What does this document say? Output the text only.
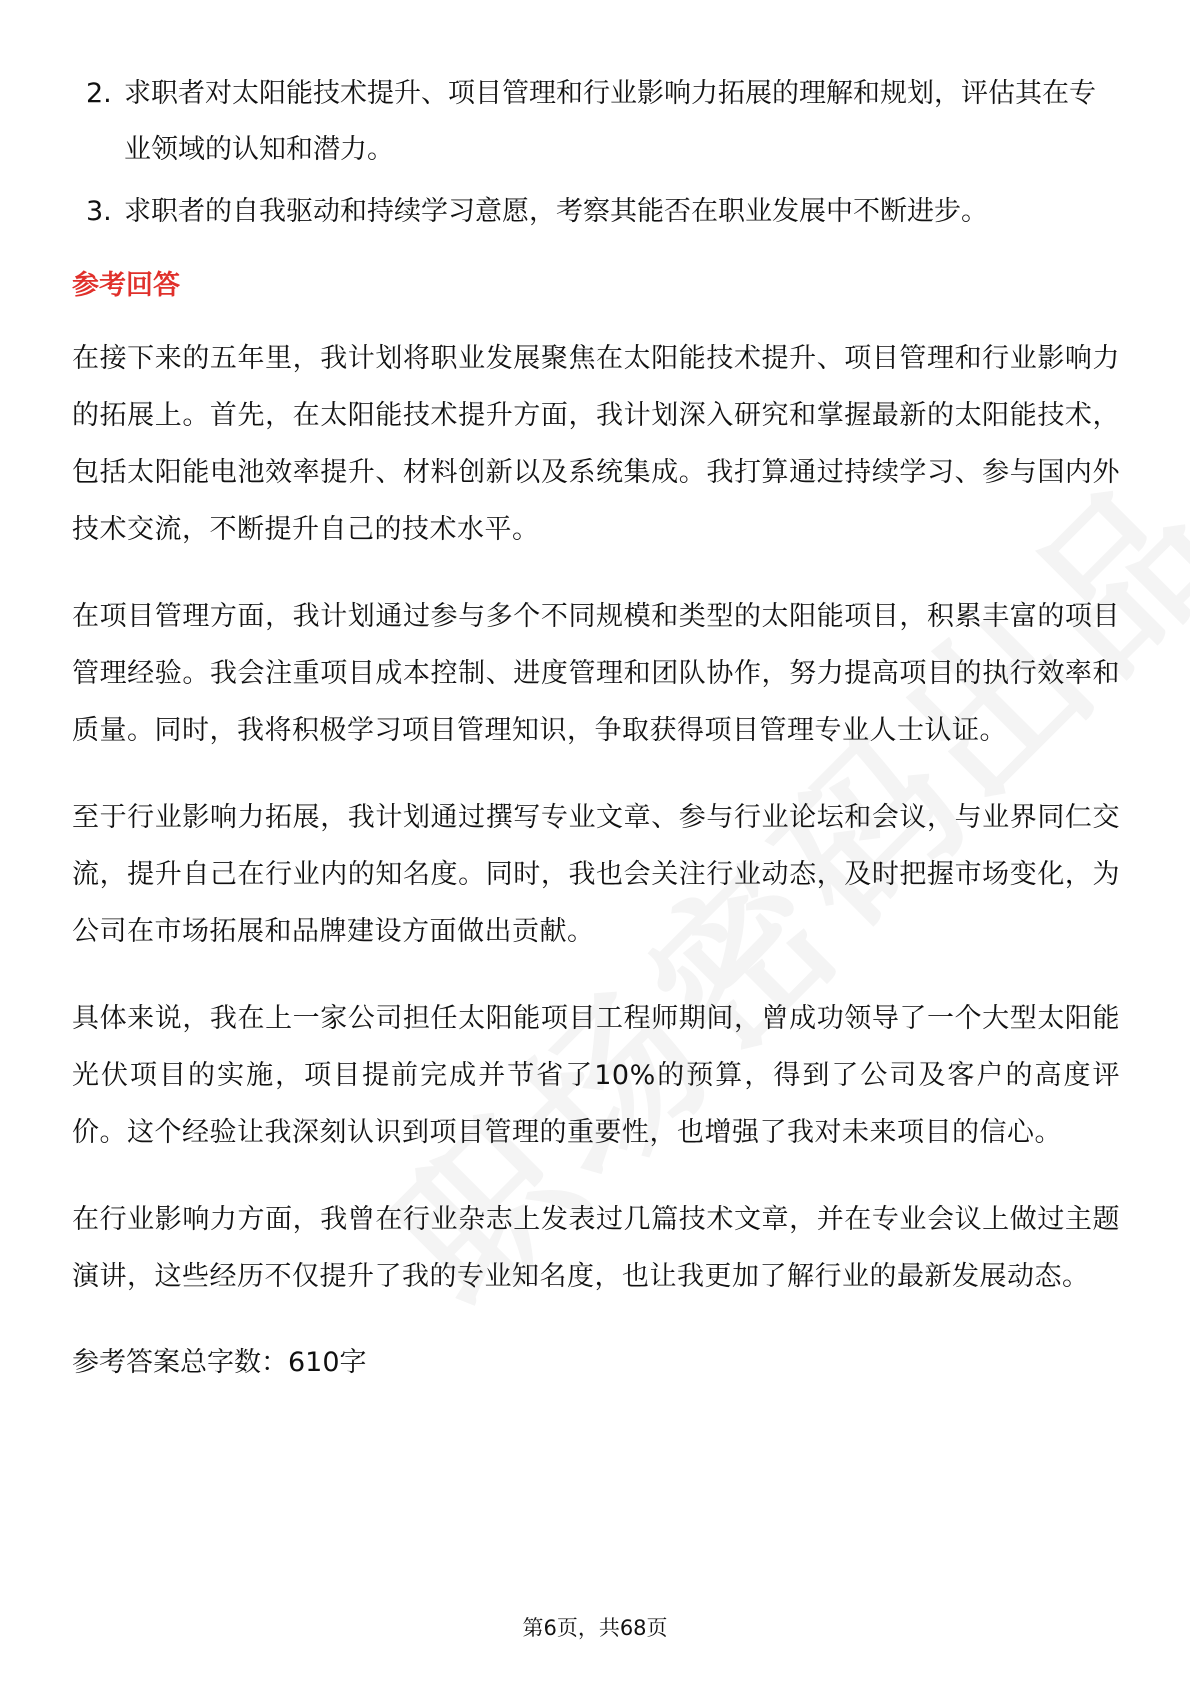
2. 求职者对太阳能技术提升、项目管理和行业影响力拓展的理解和规划，评估其在专业领域的认知和潜力。
3. 求职者的自我驱动和持续学习意愿，考察其能否在职业发展中不断进步。
参考回答

在接下来的五年里，我计划将职业发展聚焦在太阳能技术提升、项目管理和行业影响力的拓展上。首先，在太阳能技术提升方面，我计划深入研究和掌握最新的太阳能技术，包括太阳能电池效率提升、材料创新以及系统集成。我打算通过持续学习、参与国内外技术交流，不断提升自己的技术水平。

在项目管理方面，我计划通过参与多个不同规模和类型的太阳能项目，积累丰富的项目管理经验。我会注重项目成本控制、进度管理和团队协作，努力提高项目的执行效率和质量。同时，我将积极学习项目管理知识，争取获得项目管理专业人士认证。

至于行业影响力拓展，我计划通过撰写专业文章、参与行业论坛和会议，与业界同仁交流，提升自己在行业内的知名度。同时，我也会关注行业动态，及时把握市场变化，为公司在市场拓展和品牌建设方面做出贡献。

具体来说，我在上一家公司担任太阳能项目工程师期间，曾成功领导了一个大型太阳能光伏项目的实施，项目提前完成并节省了10%的预算，得到了公司及客户的高度评价。这个经验让我深刻认识到项目管理的重要性，也增强了我对未来项目的信心。

在行业影响力方面，我曾在行业杂志上发表过几篇技术文章，并在专业会议上做过主题演讲，这些经历不仅提升了我的专业知名度，也让我更加了解行业的最新发展动态。

参考答案总字数：610字

第6页，共68页
